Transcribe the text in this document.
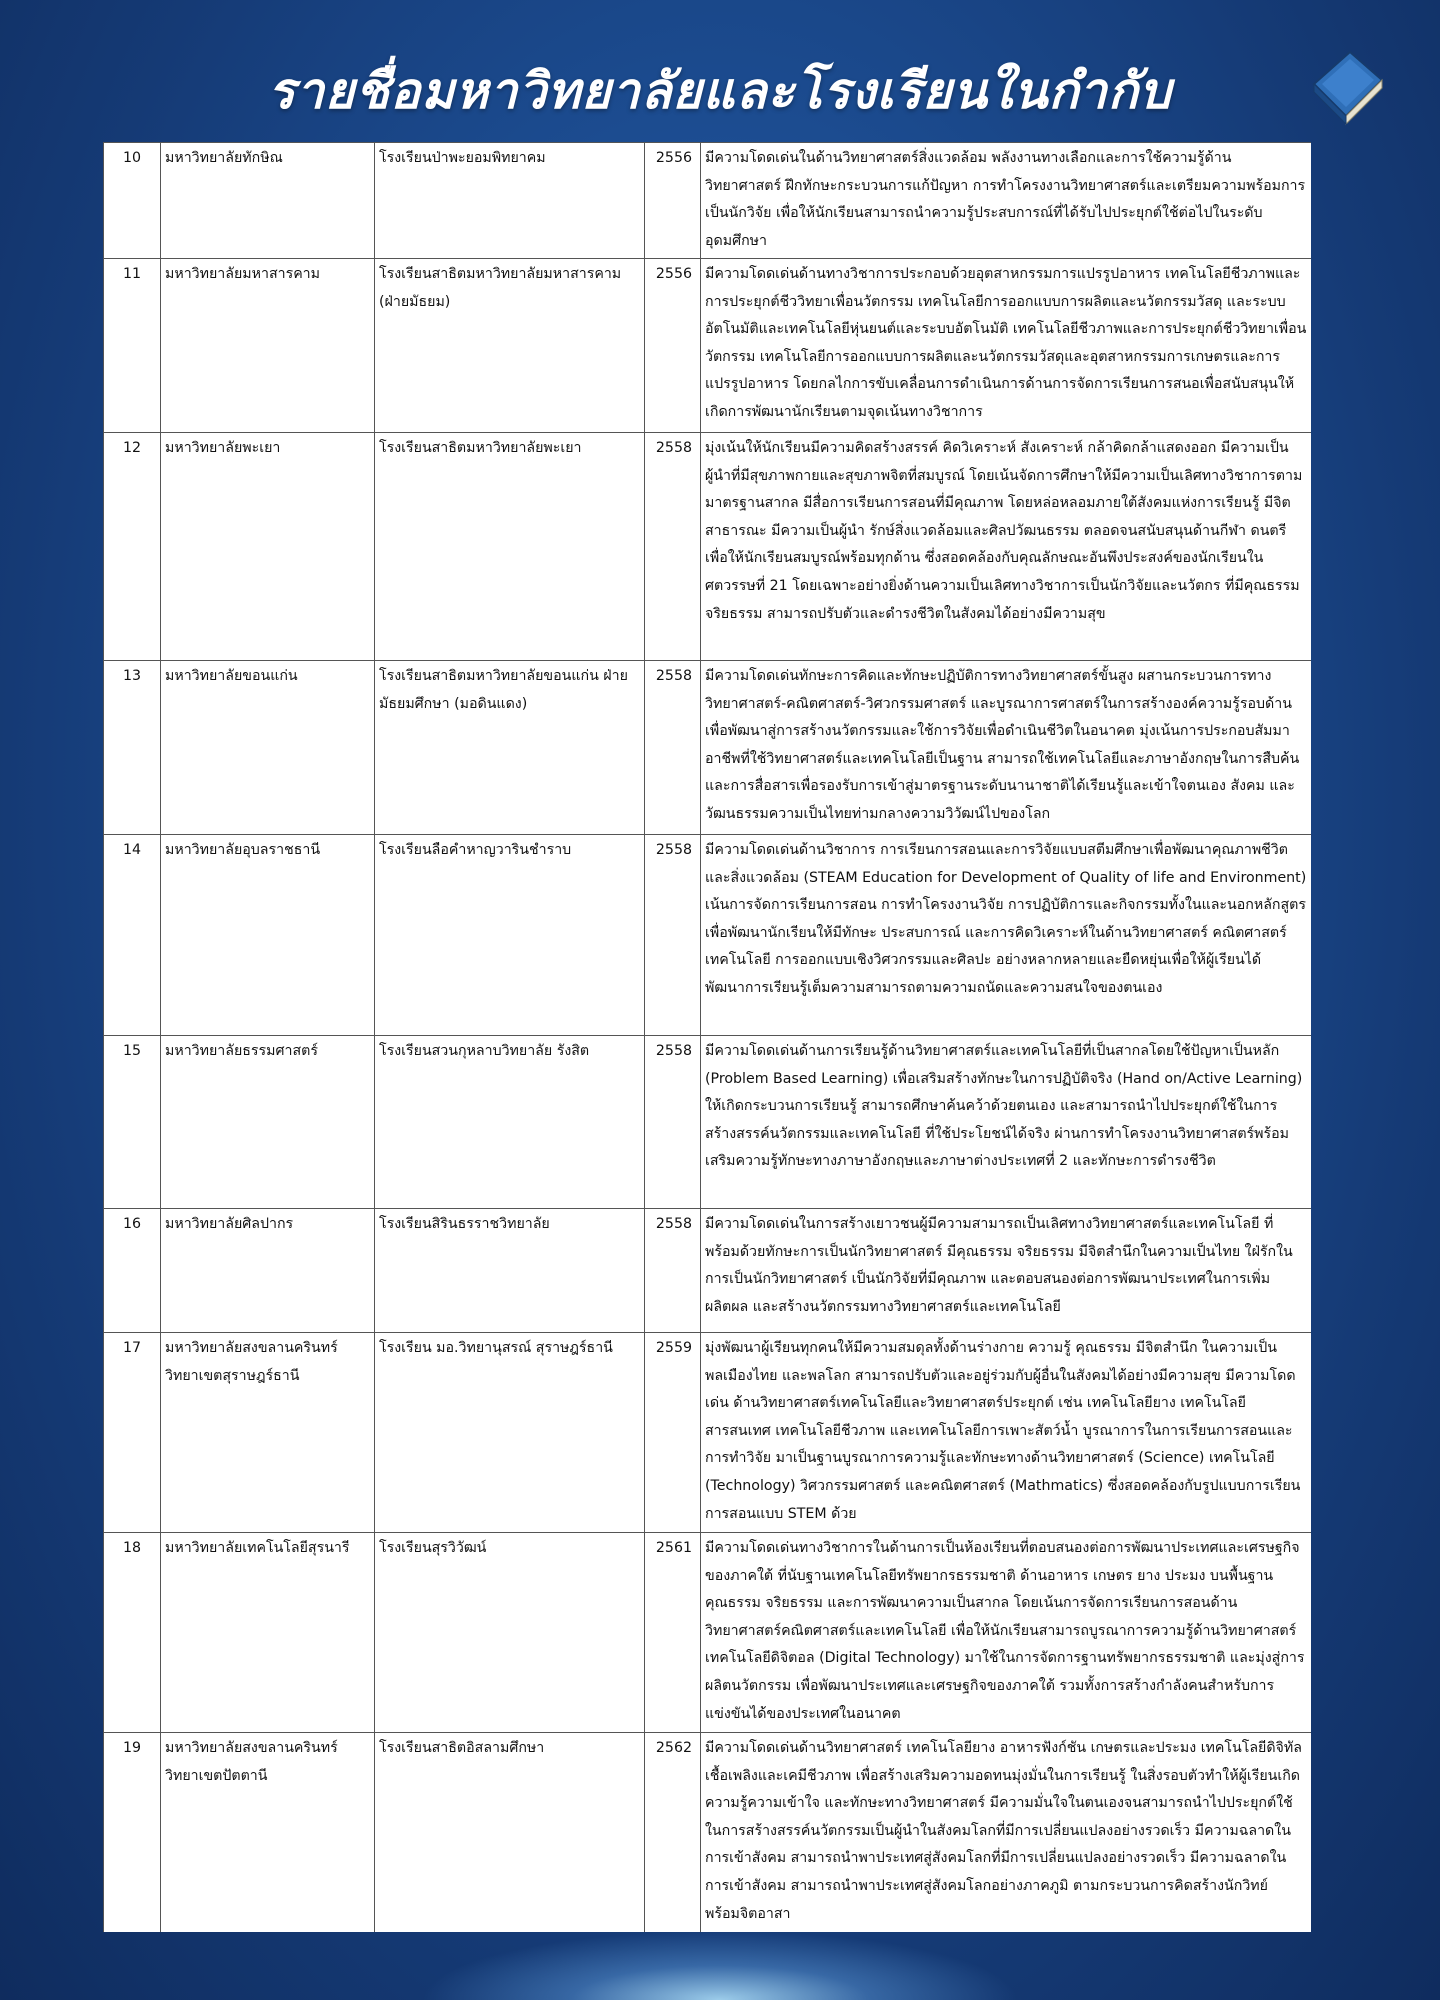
รายชื่อมหาวิทยาลัยและโรงเรียนในกำกับ
10	มหาวิทยาลัยทักษิณ	โรงเรียนป่าพะยอมพิทยาคม	2556	มีความโดดเด่นในด้านวิทยาศาสตร์สิ่งแวดล้อม พลังงานทางเลือกและการใช้ความรู้ด้านวิทยาศาสตร์ ฝึกทักษะกระบวนการแก้ปัญหา การทำโครงงานวิทยาศาสตร์และเตรียมความพร้อมการเป็นนักวิจัย เพื่อให้นักเรียนสามารถนำความรู้ประสบการณ์ที่ได้รับไปประยุกต์ใช้ต่อไปในระดับอุดมศึกษา
11	มหาวิทยาลัยมหาสารคาม	โรงเรียนสาธิตมหาวิทยาลัยมหาสารคาม (ฝ่ายมัธยม)	2556	มีความโดดเด่นด้านทางวิชาการประกอบด้วยอุตสาหกรรมการแปรรูปอาหาร เทคโนโลยีชีวภาพและการประยุกต์ชีววิทยาเพื่อนวัตกรรม เทคโนโลยีการออกแบบการผลิตและนวัตกรรมวัสดุ และระบบอัตโนมัติและเทคโนโลยีหุ่นยนต์และระบบอัตโนมัติ เทคโนโลยีชีวภาพและการประยุกต์ชีววิทยาเพื่อนวัตกรรม เทคโนโลยีการออกแบบการผลิตและนวัตกรรมวัสดุและอุตสาหกรรมการเกษตรและการแปรรูปอาหาร โดยกลไกการขับเคลื่อนการดำเนินการด้านการจัดการเรียนการสนอเพื่อสนับสนุนให้เกิดการพัฒนานักเรียนตามจุดเน้นทางวิชาการ
12	มหาวิทยาลัยพะเยา	โรงเรียนสาธิตมหาวิทยาลัยพะเยา	2558	มุ่งเน้นให้นักเรียนมีความคิดสร้างสรรค์ คิดวิเคราะห์ สังเคราะห์ กล้าคิดกล้าแสดงออก มีความเป็นผู้นำที่มีสุขภาพกายและสุขภาพจิตที่สมบูรณ์ โดยเน้นจัดการศึกษาให้มีความเป็นเลิศทางวิชาการตามมาตรฐานสากล มีสื่อการเรียนการสอนที่มีคุณภาพ โดยหล่อหลอมภายใต้สังคมแห่งการเรียนรู้ มีจิตสาธารณะ มีความเป็นผู้นำ รักษ์สิ่งแวดล้อมและศิลปวัฒนธรรม ตลอดจนสนับสนุนด้านกีฬา ดนตรี เพื่อให้นักเรียนสมบูรณ์พร้อมทุกด้าน ซึ่งสอดคล้องกับคุณลักษณะอันพึงประสงค์ของนักเรียนในศตวรรษที่ 21 โดยเฉพาะอย่างยิ่งด้านความเป็นเลิศทางวิชาการเป็นนักวิจัยและนวัตกร ที่มีคุณธรรมจริยธรรม สามารถปรับตัวและดำรงชีวิตในสังคมได้อย่างมีความสุข
13	มหาวิทยาลัยขอนแก่น	โรงเรียนสาธิตมหาวิทยาลัยขอนแก่น ฝ่ายมัธยมศึกษา (มอดินแดง)	2558	มีความโดดเด่นทักษะการคิดและทักษะปฏิบัติการทางวิทยาศาสตร์ขั้นสูง ผสานกระบวนการทางวิทยาศาสตร์-คณิตศาสตร์-วิศวกรรมศาสตร์ และบูรณาการศาสตร์ในการสร้างองค์ความรู้รอบด้าน เพื่อพัฒนาสู่การสร้างนวัตกรรมและใช้การวิจัยเพื่อดำเนินชีวิตในอนาคต มุ่งเน้นการประกอบสัมมาอาชีพที่ใช้วิทยาศาสตร์และเทคโนโลยีเป็นฐาน สามารถใช้เทคโนโลยีและภาษาอังกฤษในการสืบค้นและการสื่อสารเพื่อรองรับการเข้าสู่มาตรฐานระดับนานาชาติได้เรียนรู้และเข้าใจตนเอง สังคม และวัฒนธรรมความเป็นไทยท่ามกลางความวิวัฒน์ไปของโลก
14	มหาวิทยาลัยอุบลราชธานี	โรงเรียนลือคำหาญวารินชำราบ	2558	มีความโดดเด่นด้านวิชาการ การเรียนการสอนและการวิจัยแบบสตีมศึกษาเพื่อพัฒนาคุณภาพชีวิตและสิ่งแวดล้อม (STEAM Education for Development of Quality of life and Environment) เน้นการจัดการเรียนการสอน การทำโครงงานวิจัย การปฏิบัติการและกิจกรรมทั้งในและนอกหลักสูตรเพื่อพัฒนานักเรียนให้มีทักษะ ประสบการณ์ และการคิดวิเคราะห์ในด้านวิทยาศาสตร์ คณิตศาสตร์ เทคโนโลยี การออกแบบเชิงวิศวกรรมและศิลปะ อย่างหลากหลายและยืดหยุ่นเพื่อให้ผู้เรียนได้พัฒนาการเรียนรู้เต็มความสามารถตามความถนัดและความสนใจของตนเอง
15	มหาวิทยาลัยธรรมศาสตร์	โรงเรียนสวนกุหลาบวิทยาลัย รังสิต	2558	มีความโดดเด่นด้านการเรียนรู้ด้านวิทยาศาสตร์และเทคโนโลยีที่เป็นสากลโดยใช้ปัญหาเป็นหลัก (Problem Based Learning) เพื่อเสริมสร้างทักษะในการปฏิบัติจริง (Hand on/Active Learning) ให้เกิดกระบวนการเรียนรู้ สามารถศึกษาค้นคว้าด้วยตนเอง และสามารถนำไปประยุกต์ใช้ในการสร้างสรรค์นวัตกรรมและเทคโนโลยี ที่ใช้ประโยชน์ได้จริง ผ่านการทำโครงงานวิทยาศาสตร์พร้อมเสริมความรู้ทักษะทางภาษาอังกฤษและภาษาต่างประเทศที่ 2 และทักษะการดำรงชีวิต
16	มหาวิทยาลัยศิลปากร	โรงเรียนสิรินธรราชวิทยาลัย	2558	มีความโดดเด่นในการสร้างเยาวชนผู้มีความสามารถเป็นเลิศทางวิทยาศาสตร์และเทคโนโลยี ที่พร้อมด้วยทักษะการเป็นนักวิทยาศาสตร์ มีคุณธรรม จริยธรรม มีจิตสำนึกในความเป็นไทย ใฝ่รักในการเป็นนักวิทยาศาสตร์ เป็นนักวิจัยที่มีคุณภาพ และตอบสนองต่อการพัฒนาประเทศในการเพิ่มผลิตผล และสร้างนวัตกรรมทางวิทยาศาสตร์และเทคโนโลยี
17	มหาวิทยาลัยสงขลานครินทร์ วิทยาเขตสุราษฎร์ธานี	โรงเรียน มอ.วิทยานุสรณ์ สุราษฎร์ธานี	2559	มุ่งพัฒนาผู้เรียนทุกคนให้มีความสมดุลทั้งด้านร่างกาย ความรู้ คุณธรรม มีจิตสำนึก ในความเป็นพลเมืองไทย และพลโลก สามารถปรับตัวและอยู่ร่วมกับผู้อื่นในสังคมได้อย่างมีความสุข มีความโดดเด่น ด้านวิทยาศาสตร์เทคโนโลยีและวิทยาศาสตร์ประยุกต์ เช่น เทคโนโลยียาง เทคโนโลยีสารสนเทศ เทคโนโลยีชีวภาพ และเทคโนโลยีการเพาะสัตว์น้ำ บูรณาการในการเรียนการสอนและการทำวิจัย มาเป็นฐานบูรณาการความรู้และทักษะทางด้านวิทยาศาสตร์ (Science) เทคโนโลยี (Technology) วิศวกรรมศาสตร์ และคณิตศาสตร์ (Mathmatics) ซึ่งสอดคล้องกับรูปแบบการเรียนการสอนแบบ STEM ด้วย
18	มหาวิทยาลัยเทคโนโลยีสุรนารี	โรงเรียนสุรวิวัฒน์	2561	มีความโดดเด่นทางวิชาการในด้านการเป็นห้องเรียนที่ตอบสนองต่อการพัฒนาประเทศและเศรษฐกิจของภาคใต้ ที่นับฐานเทคโนโลยีทรัพยากรธรรมชาติ ด้านอาหาร เกษตร ยาง ประมง บนพื้นฐานคุณธรรม จริยธรรม และการพัฒนาความเป็นสากล โดยเน้นการจัดการเรียนการสอนด้านวิทยาศาสตร์คณิตศาสตร์และเทคโนโลยี เพื่อให้นักเรียนสามารถบูรณาการความรู้ด้านวิทยาศาสตร์ เทคโนโลยีดิจิตอล (Digital Technology) มาใช้ในการจัดการฐานทรัพยากรธรรมชาติ และมุ่งสู่การผลิตนวัตกรรม เพื่อพัฒนาประเทศและเศรษฐกิจของภาคใต้ รวมทั้งการสร้างกำลังคนสำหรับการแข่งขันได้ของประเทศในอนาคต
19	มหาวิทยาลัยสงขลานครินทร์ วิทยาเขตปัตตานี	โรงเรียนสาธิตอิสลามศึกษา	2562	มีความโดดเด่นด้านวิทยาศาสตร์ เทคโนโลยียาง อาหารฟังก์ชัน เกษตรและประมง เทคโนโลยีดิจิทัล เชื้อเพลิงและเคมีชีวภาพ เพื่อสร้างเสริมความอดทนมุ่งมั่นในการเรียนรู้ ในสิ่งรอบตัวทำให้ผู้เรียนเกิดความรู้ความเข้าใจ และทักษะทางวิทยาศาสตร์ มีความมั่นใจในตนเองจนสามารถนำไปประยุกต์ใช้ในการสร้างสรรค์นวัตกรรมเป็นผู้นำในสังคมโลกที่มีการเปลี่ยนแปลงอย่างรวดเร็ว มีความฉลาดในการเข้าสังคม สามารถนำพาประเทศสู่สังคมโลกที่มีการเปลี่ยนแปลงอย่างรวดเร็ว มีความฉลาดในการเข้าสังคม สามารถนำพาประเทศสู่สังคมโลกอย่างภาคภูมิ ตามกระบวนการคิดสร้างนักวิทย์ พร้อมจิตอาสา
